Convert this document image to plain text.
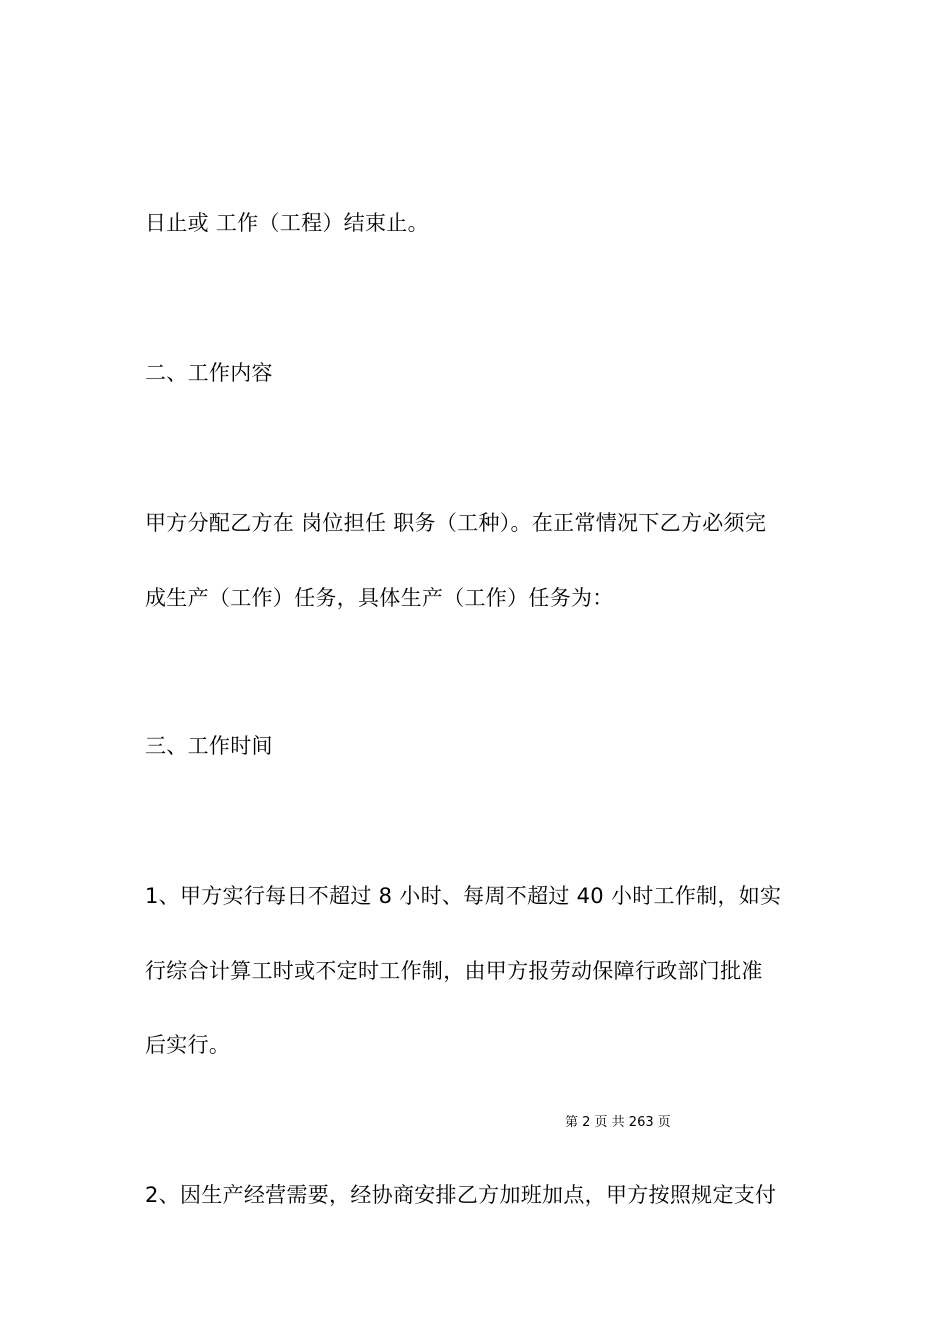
日止或 工作（工程）结束止。
二、工作内容
甲方分配乙方在 岗位担任 职务（工种）。在正常情况下乙方必须完
成生产（工作）任务，具体生产（工作）任务为：
三、工作时间
1、甲方实行每日不超过 8 小时、每周不超过 40 小时工作制，如实
行综合计算工时或不定时工作制，由甲方报劳动保障行政部门批准
后实行。
第 2 页 共 263 页
2、因生产经营需要，经协商安排乙方加班加点，甲方按照规定支付
